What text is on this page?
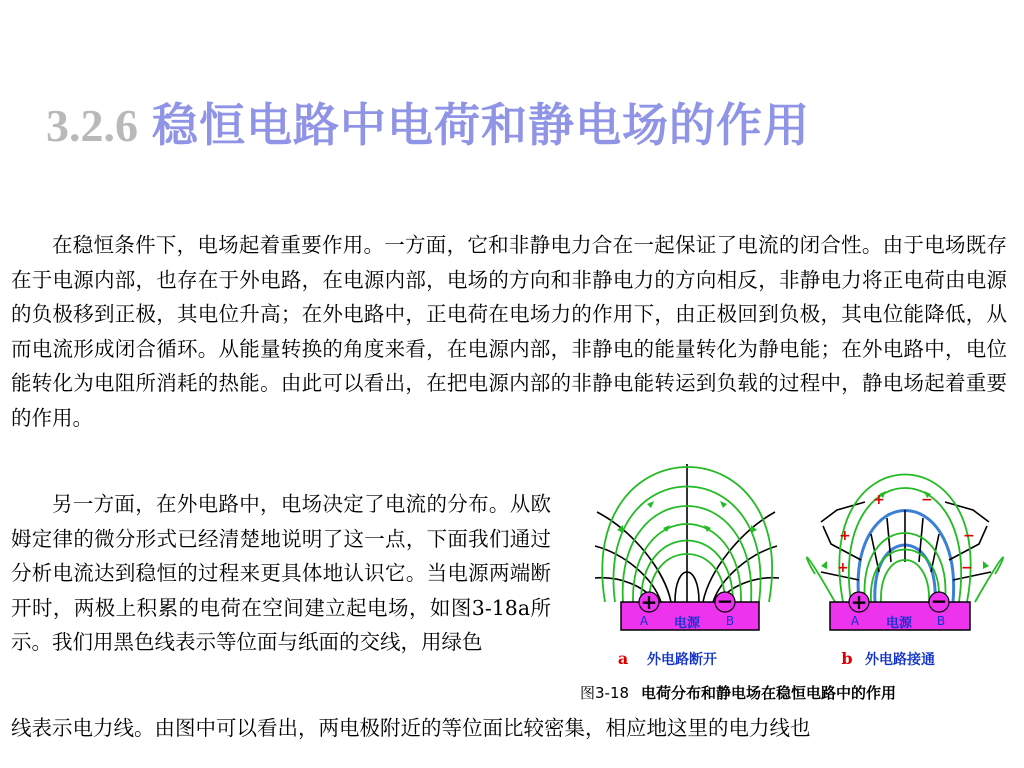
3.2.6 稳恒电路中电荷和静电场的作用

在稳恒条件下，电场起着重要作用。一方面，它和非静电力合在一起保证了电流的闭合性。由于电场既存在于电源内部，也存在于外电路，在电源内部，电场的方向和非静电力的方向相反，非静电力将正电荷由电源的负极移到正极，其电位升高；在外电路中，正电荷在电场力的作用下，由正极回到负极，其电位能降低，从而电流形成闭合循环。从能量转换的角度来看，在电源内部，非静电的能量转化为静电能；在外电路中，电位能转化为电阻所消耗的热能。由此可以看出，在把电源内部的非静电能转运到负载的过程中，静电场起着重要的作用。

另一方面，在外电路中，电场决定了电流的分布。从欧姆定律的微分形式已经清楚地说明了这一点，下面我们通过分析电流达到稳恒的过程来更具体地认识它。当电源两端断开时，两极上积累的电荷在空间建立起电场，如图3-18a所示。我们用黑色线表示等位面与纸面的交线，用绿色

线表示电力线。由图中可以看出，两电极附近的等位面比较密集，相应地这里的电力线也

+	−
A	B
电源
a 外电路断开
+	−
+	−
+	−
+	−
A	B
电源
b 外电路接通
图3-18 电荷分布和静电场在稳恒电路中的作用
